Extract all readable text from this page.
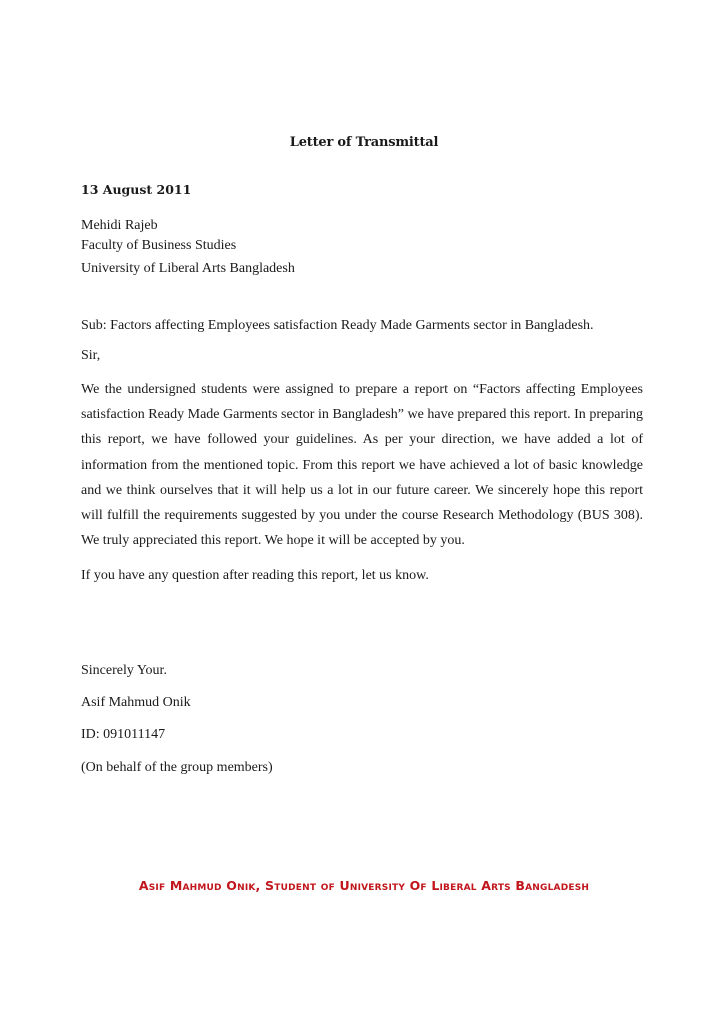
Letter of Transmittal
13 August 2011
Mehidi Rajeb
Faculty of Business Studies
University of Liberal Arts Bangladesh
Sub: Factors affecting Employees satisfaction Ready Made Garments sector in Bangladesh.
Sir,

We the undersigned students were assigned to prepare a report on “Factors affecting Employees satisfaction Ready Made Garments sector in Bangladesh” we have prepared this report. In preparing this report, we have followed your guidelines. As per your direction, we have added a lot of information from the mentioned topic. From this report we have achieved a lot of basic knowledge and we think ourselves that it will help us a lot in our future career. We sincerely hope this report will fulfill the requirements suggested by you under the course Research Methodology (BUS 308). We truly appreciated this report. We hope it will be accepted by you.

If you have any question after reading this report, let us know.
Sincerely Your.
Asif Mahmud Onik
ID: 091011147
(On behalf of the group members)
Asif Mahmud Onik, Student of University Of Liberal Arts Bangladesh
